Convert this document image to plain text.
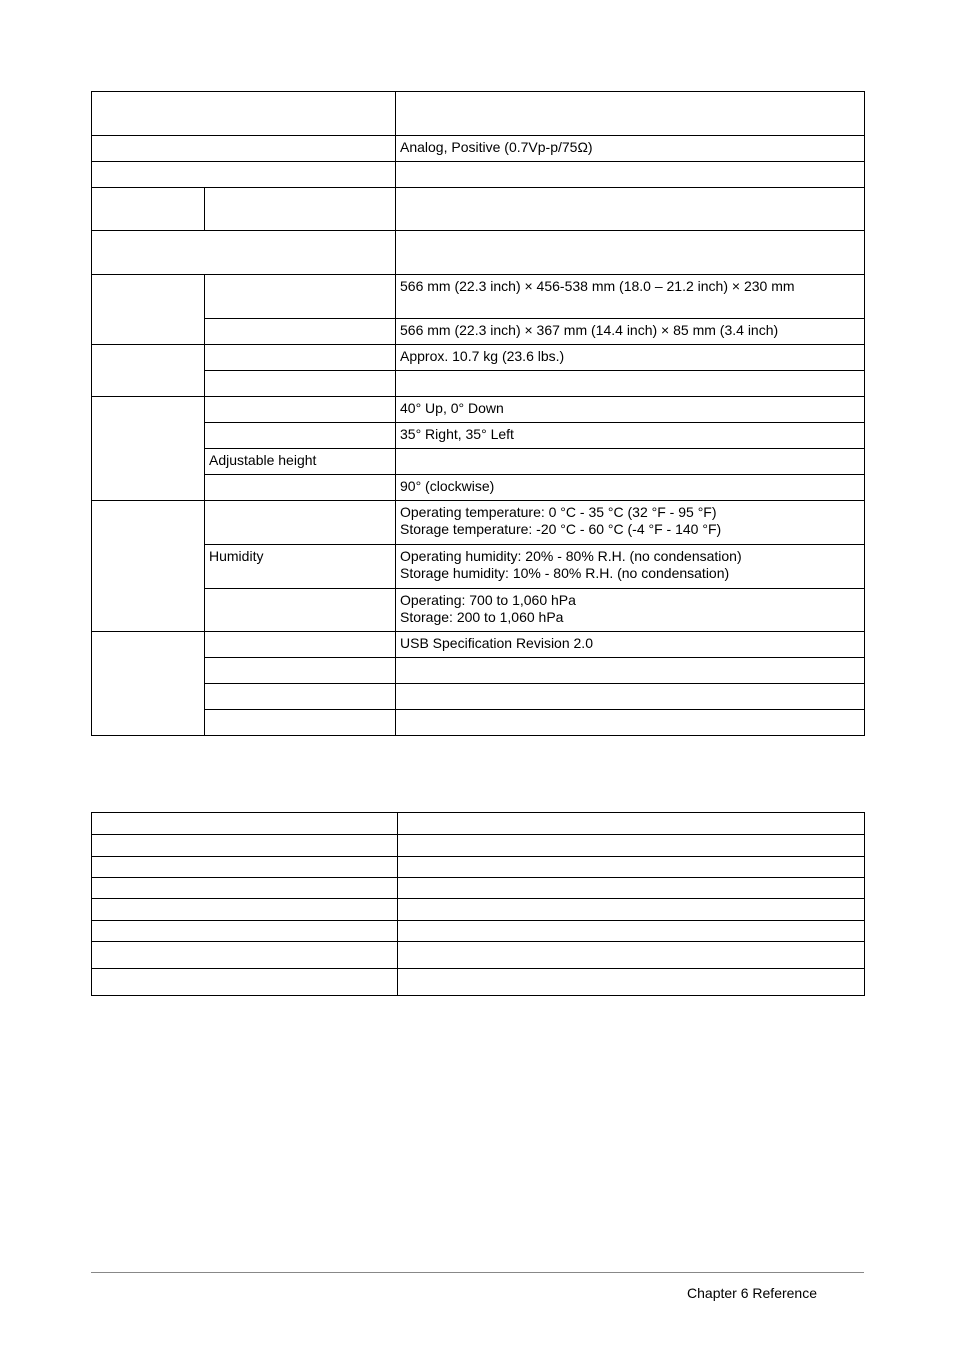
		Analog, Positive (0.7Vp-p/75Ω)

		566 mm (22.3 inch) × 456-538 mm (18.0 – 21.2 inch) × 230 mm
		566 mm (22.3 inch) × 367 mm (14.4 inch) × 85 mm (3.4 inch)
		Approx. 10.7 kg (23.6 lbs.)

		40° Up, 0° Down
		35° Right, 35° Left
	Adjustable height	
		90° (clockwise)

		Operating temperature: 0 °C - 35 °C (32 °F - 95 °F)
Storage temperature: -20 °C - 60 °C (-4 °F - 140 °F)

	Humidity	Operating humidity: 20% - 80% R.H. (no condensation)
Storage humidity: 10% - 80% R.H. (no condensation)

		Operating: 700 to 1,060 hPa
Storage: 200 to 1,060 hPa

		USB Specification Revision 2.0

Chapter 6 Reference
